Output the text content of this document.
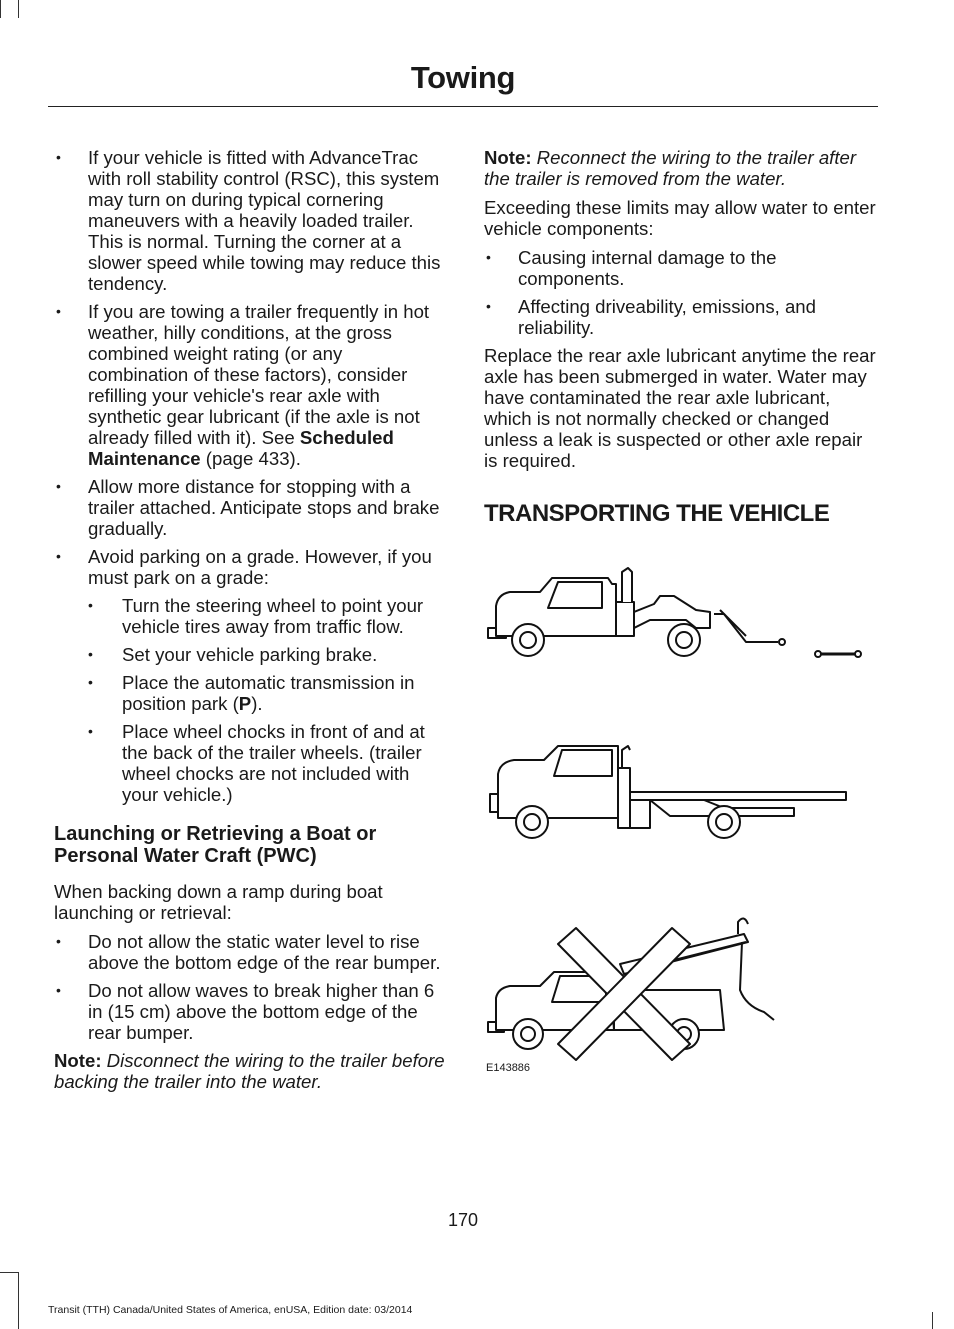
Towing
• If your vehicle is fitted with AdvanceTrac with roll stability control (RSC), this system may turn on during typical cornering maneuvers with a heavily loaded trailer. This is normal. Turning the corner at a slower speed while towing may reduce this tendency.
• If you are towing a trailer frequently in hot weather, hilly conditions, at the gross combined weight rating (or any combination of these factors), consider refilling your vehicle's rear axle with synthetic gear lubricant (if the axle is not already filled with it). See Scheduled Maintenance (page 433).
• Allow more distance for stopping with a trailer attached. Anticipate stops and brake gradually.
• Avoid parking on a grade. However, if you must park on a grade:
• Turn the steering wheel to point your vehicle tires away from traffic flow.
• Set your vehicle parking brake.
• Place the automatic transmission in position park (P).
• Place wheel chocks in front of and at the back of the trailer wheels. (trailer wheel chocks are not included with your vehicle.)
Launching or Retrieving a Boat or Personal Water Craft (PWC)

When backing down a ramp during boat launching or retrieval:

• Do not allow the static water level to rise above the bottom edge of the rear bumper.
• Do not allow waves to break higher than 6 in (15 cm) above the bottom edge of the rear bumper.

Note: Disconnect the wiring to the trailer before backing the trailer into the water.

Note: Reconnect the wiring to the trailer after the trailer is removed from the water.

Exceeding these limits may allow water to enter vehicle components:

• Causing internal damage to the components.
• Affecting driveability, emissions, and reliability.

Replace the rear axle lubricant anytime the rear axle has been submerged in water. Water may have contaminated the rear axle lubricant, which is not normally checked or changed unless a leak is suspected or other axle repair is required.

TRANSPORTING THE VEHICLE
E143886
170
Transit (TTH) Canada/United States of America, enUSA, Edition date: 03/2014
